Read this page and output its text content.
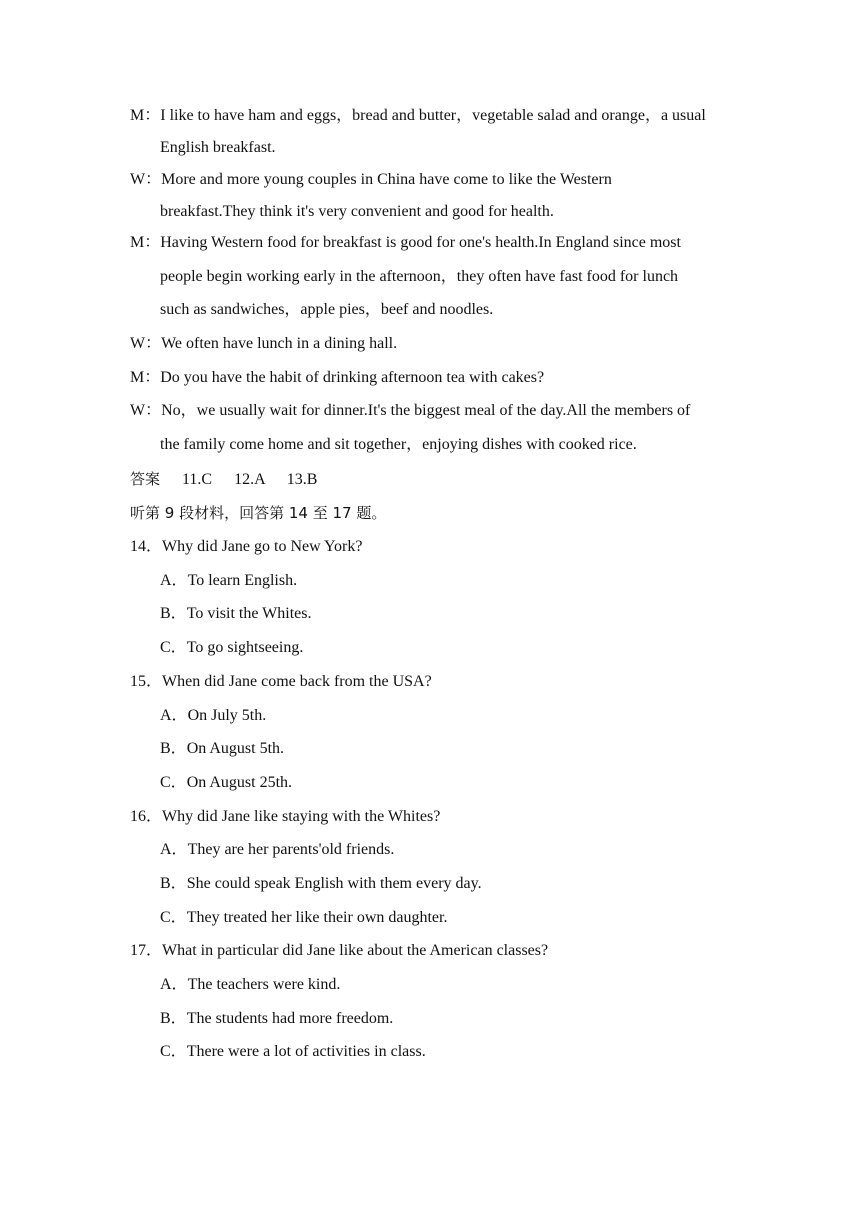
M：I like to have ham and eggs，bread and butter，vegetable salad and orange，a usual
English breakfast.
W：More and more young couples in China have come to like the Western
breakfast.They think it's very convenient and good for health.
M：Having Western food for breakfast is good for one's health.In England since most
people begin working early in the afternoon，they often have fast food for lunch
such as sandwiches，apple pies，beef and noodles.
W：We often have lunch in a dining hall.
M：Do you have the habit of drinking afternoon tea with cakes?
W：No，we usually wait for dinner.It's the biggest meal of the day.All the members of
the family come home and sit together，enjoying dishes with cooked rice.
答案 11.C 12.A 13.B
听第 9 段材料，回答第 14 至 17 题。
14．Why did Jane go to New York?
A．To learn English.
B．To visit the Whites.
C．To go sightseeing.
15．When did Jane come back from the USA?
A．On July 5th.
B．On August 5th.
C．On August 25th.
16．Why did Jane like staying with the Whites?
A．They are her parents'old friends.
B．She could speak English with them every day.
C．They treated her like their own daughter.
17．What in particular did Jane like about the American classes?
A．The teachers were kind.
B．The students had more freedom.
C．There were a lot of activities in class.
